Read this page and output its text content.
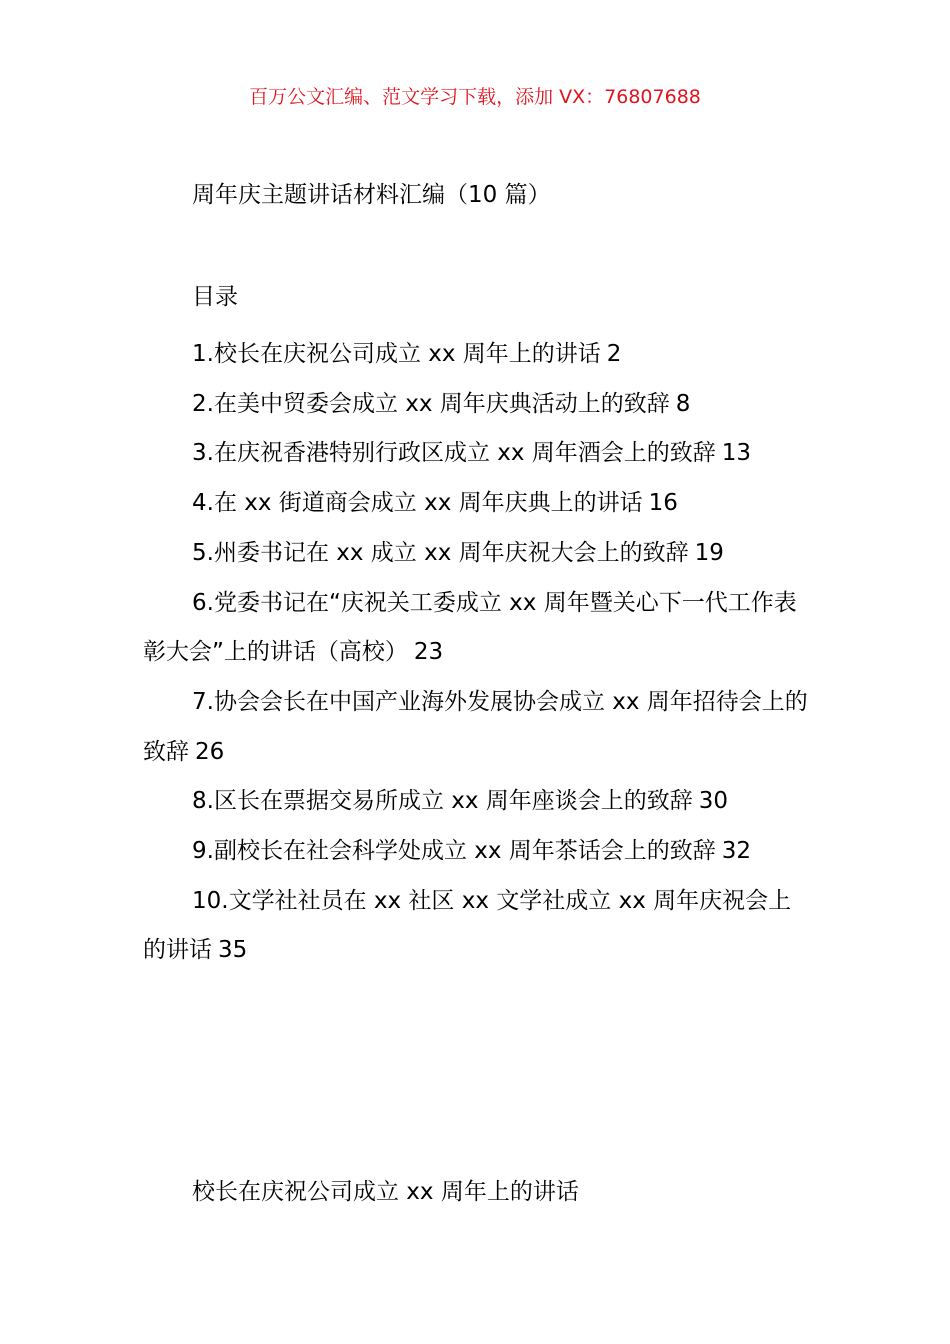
百万公文汇编、范文学习下载，添加 VX：76807688
周年庆主题讲话材料汇编（10 篇）
目录
1.校长在庆祝公司成立 xx 周年上的讲话 2
2.在美中贸委会成立 xx 周年庆典活动上的致辞 8
3.在庆祝香港特别行政区成立 xx 周年酒会上的致辞 13
4.在 xx 街道商会成立 xx 周年庆典上的讲话 16
5.州委书记在 xx 成立 xx 周年庆祝大会上的致辞 19
6.党委书记在“庆祝关工委成立 xx 周年暨关心下一代工作表彰大会”上的讲话（高校） 23
7.协会会长在中国产业海外发展协会成立 xx 周年招待会上的致辞 26
8.区长在票据交易所成立 xx 周年座谈会上的致辞 30
9.副校长在社会科学处成立 xx 周年茶话会上的致辞 32
10.文学社社员在 xx 社区 xx 文学社成立 xx 周年庆祝会上的讲话 35
校长在庆祝公司成立 xx 周年上的讲话
